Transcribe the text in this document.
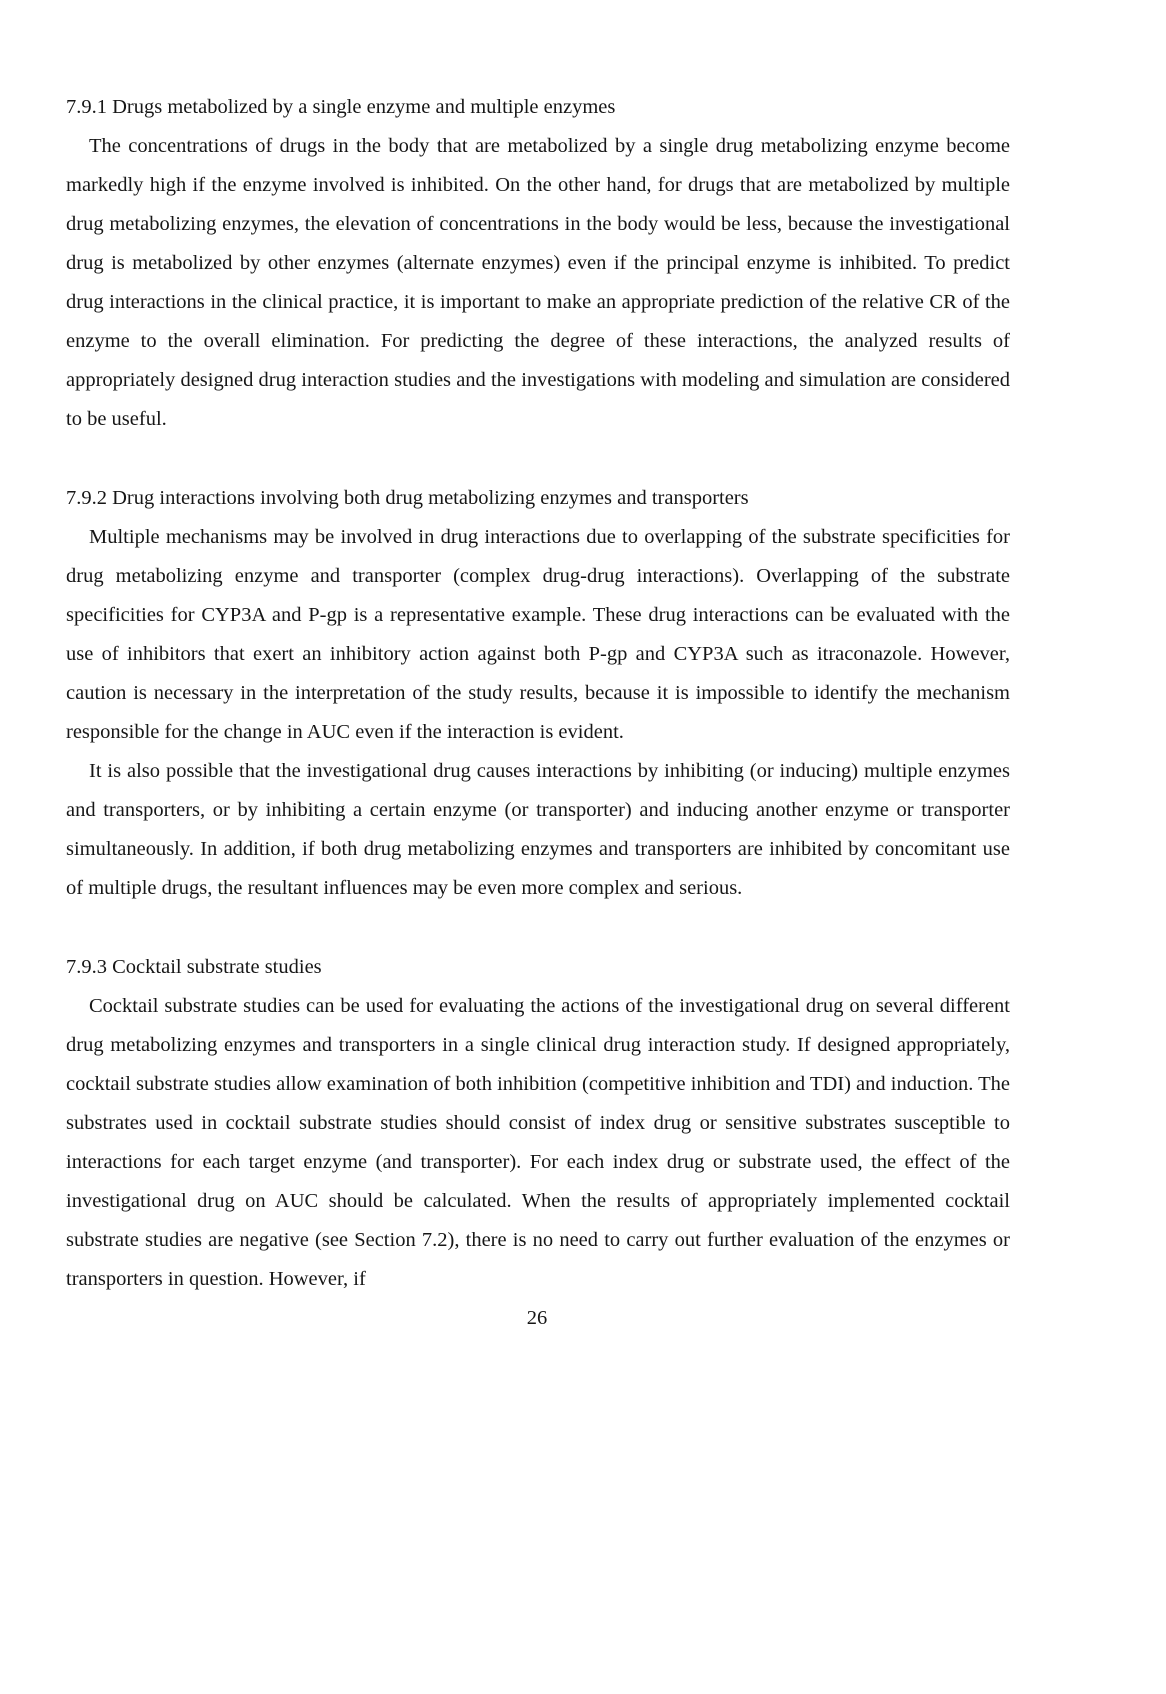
7.9.1 Drugs metabolized by a single enzyme and multiple enzymes

The concentrations of drugs in the body that are metabolized by a single drug metabolizing enzyme become markedly high if the enzyme involved is inhibited. On the other hand, for drugs that are metabolized by multiple drug metabolizing enzymes, the elevation of concentrations in the body would be less, because the investigational drug is metabolized by other enzymes (alternate enzymes) even if the principal enzyme is inhibited. To predict drug interactions in the clinical practice, it is important to make an appropriate prediction of the relative CR of the enzyme to the overall elimination. For predicting the degree of these interactions, the analyzed results of appropriately designed drug interaction studies and the investigations with modeling and simulation are considered to be useful.

7.9.2 Drug interactions involving both drug metabolizing enzymes and transporters

Multiple mechanisms may be involved in drug interactions due to overlapping of the substrate specificities for drug metabolizing enzyme and transporter (complex drug-drug interactions). Overlapping of the substrate specificities for CYP3A and P-gp is a representative example. These drug interactions can be evaluated with the use of inhibitors that exert an inhibitory action against both P-gp and CYP3A such as itraconazole. However, caution is necessary in the interpretation of the study results, because it is impossible to identify the mechanism responsible for the change in AUC even if the interaction is evident.

It is also possible that the investigational drug causes interactions by inhibiting (or inducing) multiple enzymes and transporters, or by inhibiting a certain enzyme (or transporter) and inducing another enzyme or transporter simultaneously. In addition, if both drug metabolizing enzymes and transporters are inhibited by concomitant use of multiple drugs, the resultant influences may be even more complex and serious.

7.9.3 Cocktail substrate studies

Cocktail substrate studies can be used for evaluating the actions of the investigational drug on several different drug metabolizing enzymes and transporters in a single clinical drug interaction study. If designed appropriately, cocktail substrate studies allow examination of both inhibition (competitive inhibition and TDI) and induction. The substrates used in cocktail substrate studies should consist of index drug or sensitive substrates susceptible to interactions for each target enzyme (and transporter). For each index drug or substrate used, the effect of the investigational drug on AUC should be calculated. When the results of appropriately implemented cocktail substrate studies are negative (see Section 7.2), there is no need to carry out further evaluation of the enzymes or transporters in question. However, if

26
